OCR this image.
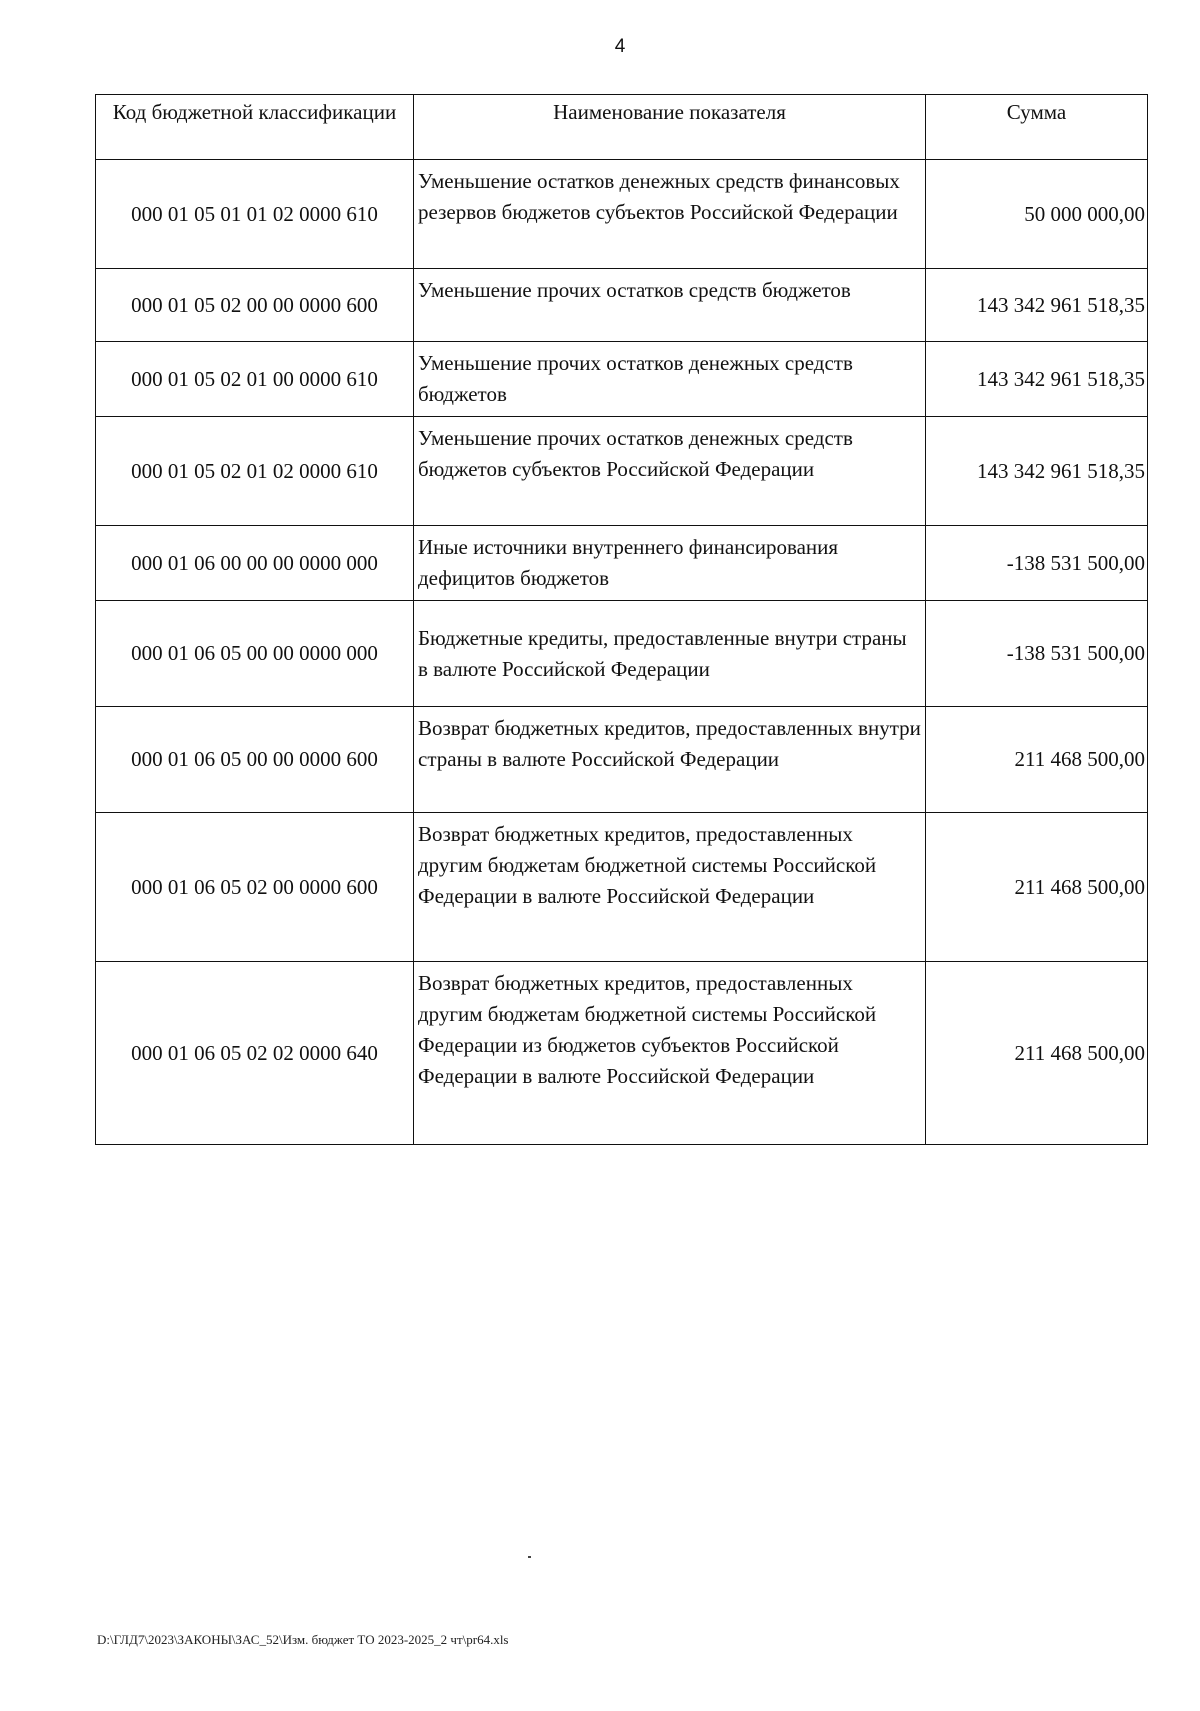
4
Код бюджетной классификации	Наименование показателя	Сумма
000 01 05 01 01 02 0000 610	Уменьшение остатков денежных средств финансовых резервов бюджетов субъектов Российской Федерации	50 000 000,00
000 01 05 02 00 00 0000 600	Уменьшение прочих остатков средств бюджетов	143 342 961 518,35
000 01 05 02 01 00 0000 610	Уменьшение прочих остатков денежных средств бюджетов	143 342 961 518,35
000 01 05 02 01 02 0000 610	Уменьшение прочих остатков денежных средств бюджетов субъектов Российской Федерации	143 342 961 518,35
000 01 06 00 00 00 0000 000	Иные источники внутреннего финансирования дефицитов бюджетов	-138 531 500,00
000 01 06 05 00 00 0000 000	Бюджетные кредиты, предоставленные внутри страны в валюте Российской Федерации	-138 531 500,00
000 01 06 05 00 00 0000 600	Возврат бюджетных кредитов, предоставленных внутри страны в валюте Российской Федерации	211 468 500,00
000 01 06 05 02 00 0000 600	Возврат бюджетных кредитов, предоставленных другим бюджетам бюджетной системы Российской Федерации в валюте Российской Федерации	211 468 500,00
000 01 06 05 02 02 0000 640	Возврат бюджетных кредитов, предоставленных другим бюджетам бюджетной системы Российской Федерации из бюджетов субъектов Российской Федерации в валюте Российской Федерации	211 468 500,00
D:\ГЛД7\2023\ЗАКОНЫ\ЗАС_52\Изм. бюджет ТО 2023-2025_2 чт\pr64.xls
